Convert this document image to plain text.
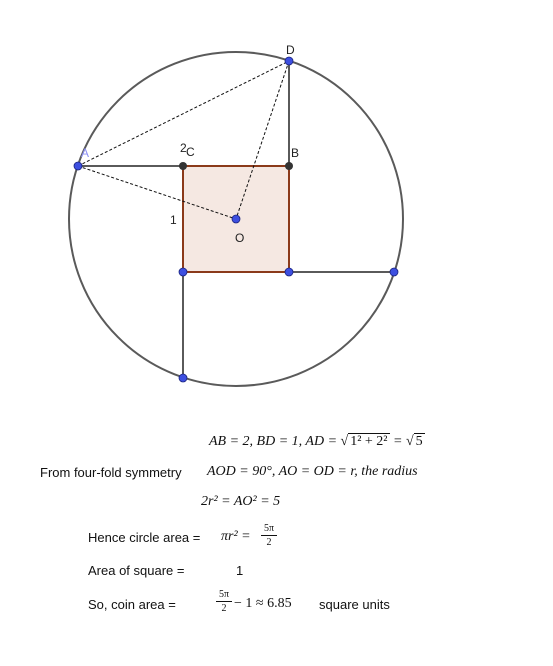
D
A	2 C	B
1
O
AB = 2, BD = 1, AD = √ 1² + 2² = √ 5
From four-fold symmetry AOD = 90°, AO = OD = r, the radius
2r² = AO² = 5
Hence circle area = πr² =
5π
2
Area of square =	1
So, coin area =
5π
2 − 1 ≈ 6.85 square units
